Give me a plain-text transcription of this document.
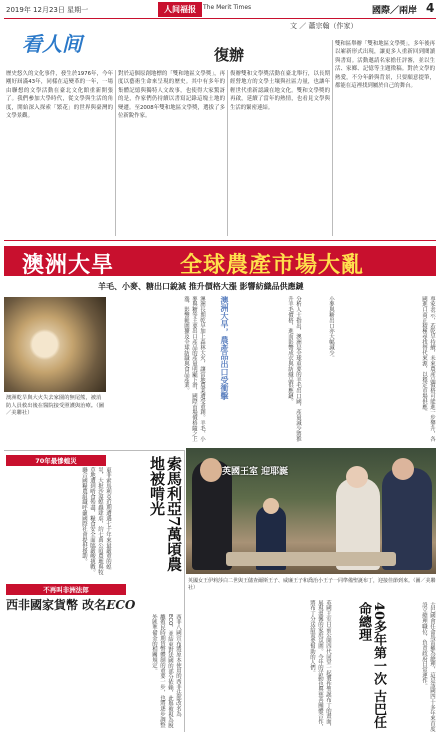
2019年 12月23日 星期一	人间福报	The Merit Times	國際／兩岸 4
看人间
文 ／ 蕭宗翰（作家）
復辦
歷史悠久的文化事件，發生於1976年，今年剛好屆滿43年，同樣在這變革的一年，一場由聯想的文學活動在臺北文化館重新開張了。我們參加大學時代，從文學與生活的角度，開始深入探索「繁花」的世界與臺灣的文學景觀。
對於這個原創地標的「雙和地區文學獎」，再度以藝術生命來呈現的歷史。其中有多年的集體記憶與獨特人文故事，也使得大家驚訝的是，作家們仍持續以書寫記錄這塊土地的變遷。至2008年雙和地區文學獎，選拔了多位新銳作家。
復辦雙和文學獎活動在臺北舉行，以長期經營地方的文學土壤與社區力量，也讓年輕世代重新認識在地文化。雙和文學獎的再啟，延續了當年的熱情，也看見文學與生活的緊密連結。
雙和區舉辦「雙和地區文學獎」，多年後再以嶄新形式出現，讓更多人重新回到閱讀與書寫。活動邀請名家擔任評審，並以生活、家鄉、記憶等主題徵稿。對於文學的熱愛，不分年齡與背景，只要願意提筆，都能在這裡找到屬於自己的舞台。
澳洲大旱	全球農產市場大亂
羊毛、小麥、糖出口銳減 推升價格大漲 影響紡織品供應鏈
澳洲乾旱與大火失去家園的無尾熊，被消防人員救出後在醫院接受照護與治療。（圖／美聯社）	澳洲長期乾旱加上森林大火，讓當地農業遭受重創。羊毛、小麥與糖等主要出口產品的產量明顯下滑，國際市場價格隨之上漲，影響範圍擴及全球紡織與食品產業。	澳洲大旱，農產品出口受衝擊	分析人士指出，澳洲是全球重要的羊毛出口國，產量減少將推升羊毛價格，進而影響成衣與紡織品供應鏈。	小麥與糖出口亦大幅減少。	專家表示，若乾旱持續，未來農產品價格可能進一步攀升，各國進口商正積極尋找替代來源，以穩定市場供應。
70年最慘蝗災
東非索馬利亞近期遭遇七十年來最嚴重的蝗災，大批沙漠蝗蟲肆虐，約七萬公頃農地與牧草地遭到啃食殆盡，糧食安全面臨嚴峻挑戰。聯合國糧農組織呼籲國際社會提供援助。	索馬利亞7萬頃農地被啃光
不再叫非洲法郎
西非國家貨幣 改名ECO
西非八國宣布將原本使用的西非法郎改名為ECO，並結束對法國的部分依賴，此舉被視為脫離殖民時期貨幣體制的重要一步，也將逐步調整外匯準備金的相關規定。
英國王室 迎耶誕
英國女王伊莉莎白二世與王儲查爾斯王子、威廉王子和喬治小王子一同準備聖誕布丁，迎接佳節到來。（圖／美聯社）
英國王室日前公開四代同堂一起製作聖誕布丁的畫面，展現溫馨的家庭氛圍。今年的活動也與慈善團體合作，將布丁分送給需要幫助的人們。	40多年第一次 古巴任命總理	古巴國會任命馬雷羅為總理，這是該國四十多年來首度設立總理職位，負責政府日常運作。
